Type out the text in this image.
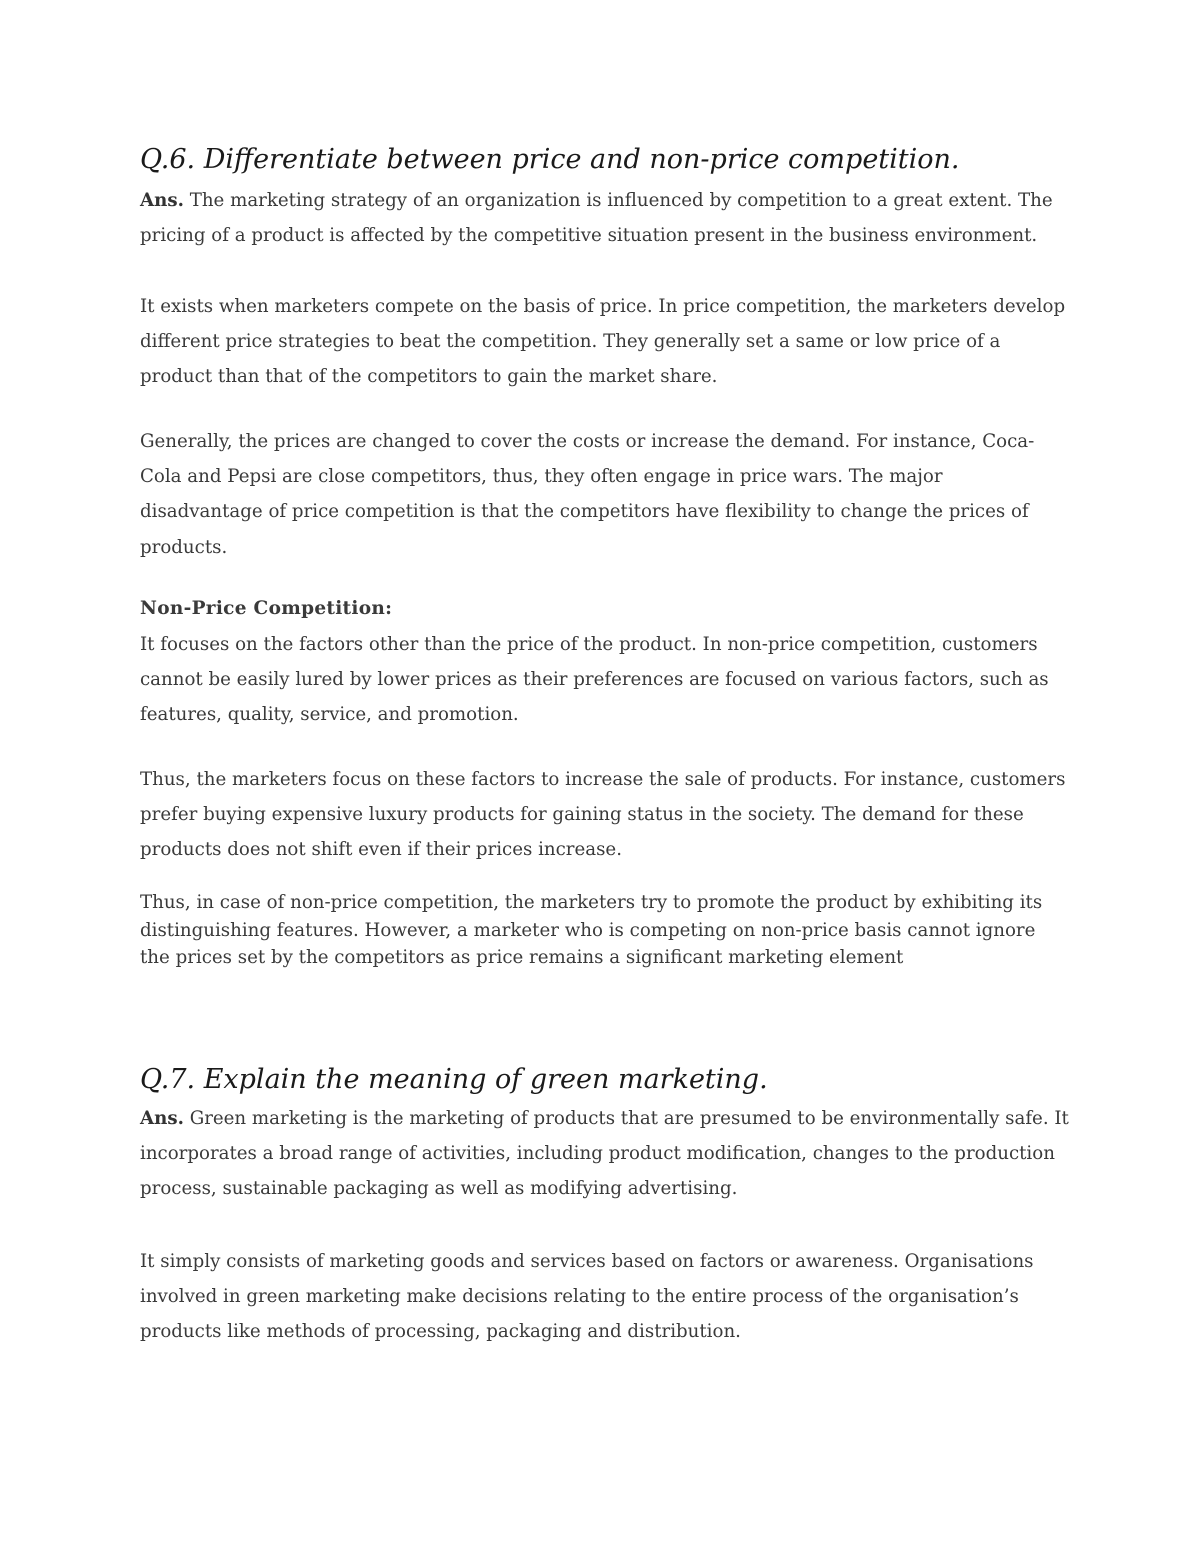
Q.6. Differentiate between price and non-price competition.

Ans. The marketing strategy of an organization is influenced by competition to a great extent. The pricing of a product is affected by the competitive situation present in the business environment.

It exists when marketers compete on the basis of price. In price competition, the marketers develop different price strategies to beat the competition. They generally set a same or low price of a product than that of the competitors to gain the market share.

Generally, the prices are changed to cover the costs or increase the demand. For instance, Coca-Cola and Pepsi are close competitors, thus, they often engage in price wars. The major disadvantage of price competition is that the competitors have flexibility to change the prices of products.

Non-Price Competition:

It focuses on the factors other than the price of the product. In non-price competition, customers cannot be easily lured by lower prices as their preferences are focused on various factors, such as features, quality, service, and promotion.

Thus, the marketers focus on these factors to increase the sale of products. For instance, customers prefer buying expensive luxury products for gaining status in the society. The demand for these products does not shift even if their prices increase.

Thus, in case of non-price competition, the marketers try to promote the product by exhibiting its distinguishing features. However, a marketer who is competing on non-price basis cannot ignore the prices set by the competitors as price remains a significant marketing element

Q.7. Explain the meaning of green marketing.

Ans. Green marketing is the marketing of products that are presumed to be environmentally safe. It incorporates a broad range of activities, including product modification, changes to the production process, sustainable packaging as well as modifying advertising.

It simply consists of marketing goods and services based on factors or awareness. Organisations involved in green marketing make decisions relating to the entire process of the organisation’s products like methods of processing, packaging and distribution.
